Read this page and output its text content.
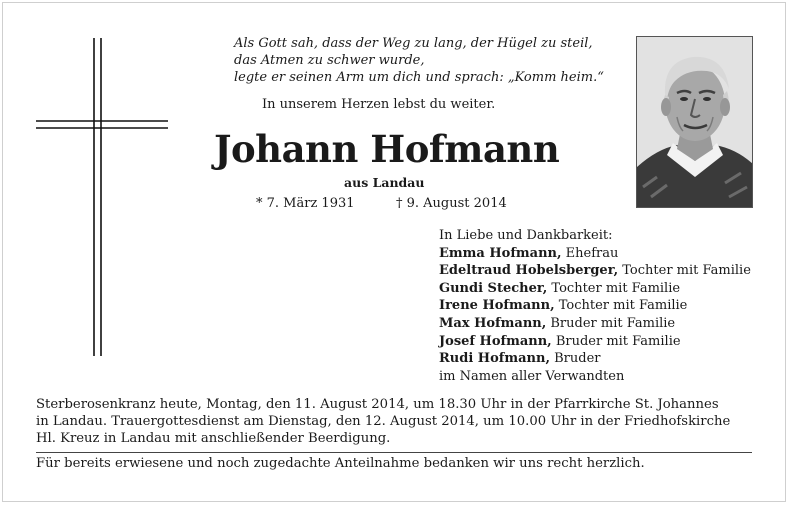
Als Gott sah, dass der Weg zu lang, der Hügel zu steil,
das Atmen zu schwer wurde,
legte er seinen Arm um dich und sprach: „Komm heim.“
In unserem Herzen lebst du weiter.
Johann Hofmann
aus Landau
* 7. März 1931	† 9. August 2014
In Liebe und Dankbarkeit:
Emma Hofmann, Ehefrau
Edeltraud Hobelsberger, Tochter mit Familie
Gundi Stecher, Tochter mit Familie
Irene Hofmann, Tochter mit Familie
Max Hofmann, Bruder mit Familie
Josef Hofmann, Bruder mit Familie
Rudi Hofmann, Bruder
im Namen aller Verwandten
Sterberosenkranz heute, Montag, den 11. August 2014, um 18.30 Uhr in der Pfarrkirche St. Johannes
in Landau. Trauergottesdienst am Dienstag, den 12. August 2014, um 10.00 Uhr in der Friedhofskirche
Hl. Kreuz in Landau mit anschließender Beerdigung.
Für bereits erwiesene und noch zugedachte Anteilnahme bedanken wir uns recht herzlich.
